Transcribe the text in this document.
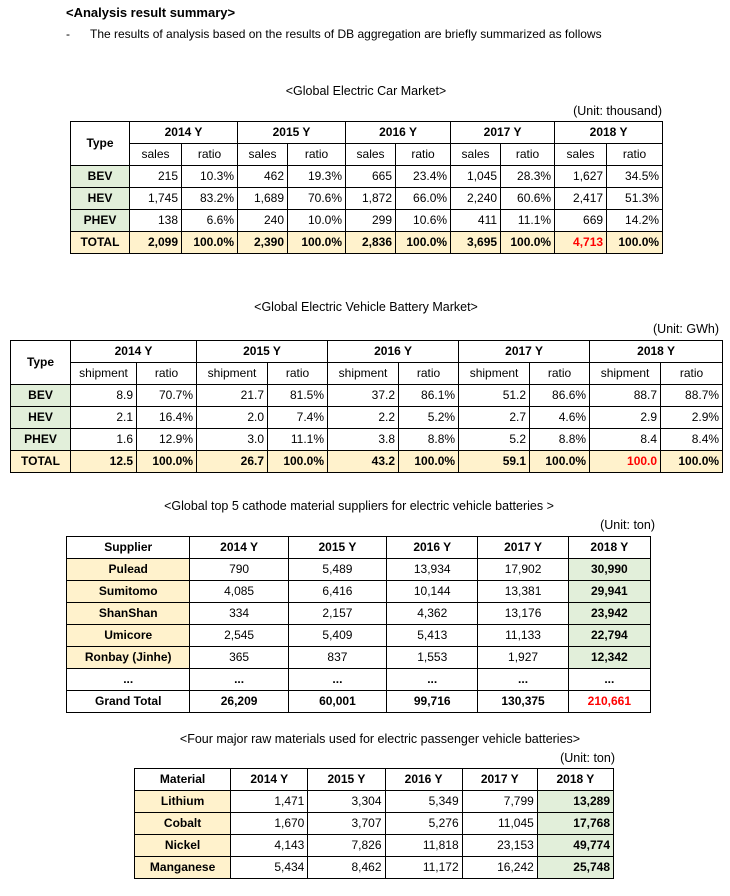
<Analysis result summary>
- The results of analysis based on the results of DB aggregation are briefly summarized as follows
<Global Electric Car Market>
(Unit: thousand)
Type	2014 Y		2015 Y		2016 Y		2017 Y		2018 Y	
	sales	ratio	sales	ratio	sales	ratio	sales	ratio	sales	ratio
BEV	215	10.3%	462	19.3%	665	23.4%	1,045	28.3%	1,627	34.5%
HEV	1,745	83.2%	1,689	70.6%	1,872	66.0%	2,240	60.6%	2,417	51.3%
PHEV	138	6.6%	240	10.0%	299	10.6%	411	11.1%	669	14.2%
TOTAL	2,099	100.0%	2,390	100.0%	2,836	100.0%	3,695	100.0%	4,713	100.0%
<Global Electric Vehicle Battery Market>
(Unit: GWh)
Type	2014 Y		2015 Y		2016 Y		2017 Y		2018 Y	
	shipment	ratio	shipment	ratio	shipment	ratio	shipment	ratio	shipment	ratio
BEV	8.9	70.7%	21.7	81.5%	37.2	86.1%	51.2	86.6%	88.7	88.7%
HEV	2.1	16.4%	2.0	7.4%	2.2	5.2%	2.7	4.6%	2.9	2.9%
PHEV	1.6	12.9%	3.0	11.1%	3.8	8.8%	5.2	8.8%	8.4	8.4%
TOTAL	12.5	100.0%	26.7	100.0%	43.2	100.0%	59.1	100.0%	100.0	100.0%
<Global top 5 cathode material suppliers for electric vehicle batteries >
(Unit: ton)
Supplier	2014 Y	2015 Y	2016 Y	2017 Y	2018 Y
Pulead	790	5,489	13,934	17,902	30,990
Sumitomo	4,085	6,416	10,144	13,381	29,941
ShanShan	334	2,157	4,362	13,176	23,942
Umicore	2,545	5,409	5,413	11,133	22,794
Ronbay (Jinhe)	365	837	1,553	1,927	12,342
...	...	...	...	...	...
Grand Total	26,209	60,001	99,716	130,375	210,661
<Four major raw materials used for electric passenger vehicle batteries>
(Unit: ton)
Material	2014 Y	2015 Y	2016 Y	2017 Y	2018 Y
Lithium	1,471	3,304	5,349	7,799	13,289
Cobalt	1,670	3,707	5,276	11,045	17,768
Nickel	4,143	7,826	11,818	23,153	49,774
Manganese	5,434	8,462	11,172	16,242	25,748
